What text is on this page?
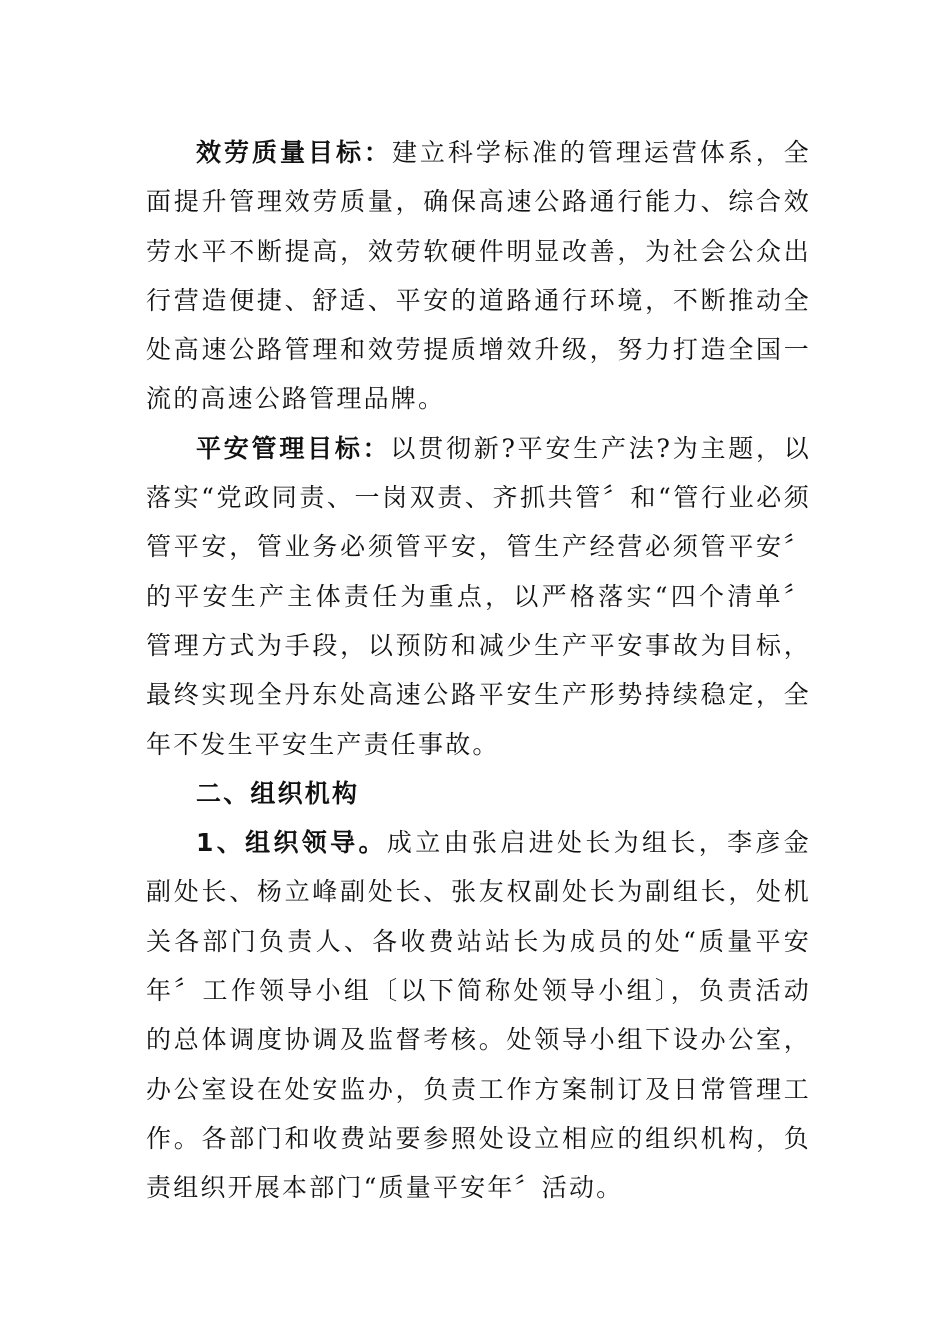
效劳质量目标：建立科学标准的管理运营体系，全面提升管理效劳质量，确保高速公路通行能力、综合效劳水平不断提高，效劳软硬件明显改善，为社会公众出行营造便捷、舒适、平安的道路通行环境，不断推动全处高速公路管理和效劳提质增效升级，努力打造全国一流的高速公路管理品牌。

平安管理目标：以贯彻新?平安生产法?为主题，以落实“党政同责、一岗双责、齐抓共管〞和“管行业必须管平安，管业务必须管平安，管生产经营必须管平安〞的平安生产主体责任为重点，以严格落实“四个清单〞管理方式为手段，以预防和减少生产平安事故为目标，最终实现全丹东处高速公路平安生产形势持续稳定，全年不发生平安生产责任事故。

二、组织机构

1、组织领导。成立由张启进处长为组长，李彦金副处长、杨立峰副处长、张友权副处长为副组长，处机关各部门负责人、各收费站站长为成员的处“质量平安年〞工作领导小组〔以下简称处领导小组〕，负责活动的总体调度协调及监督考核。处领导小组下设办公室，办公室设在处安监办，负责工作方案制订及日常管理工作。各部门和收费站要参照处设立相应的组织机构，负责组织开展本部门“质量平安年〞活动。
